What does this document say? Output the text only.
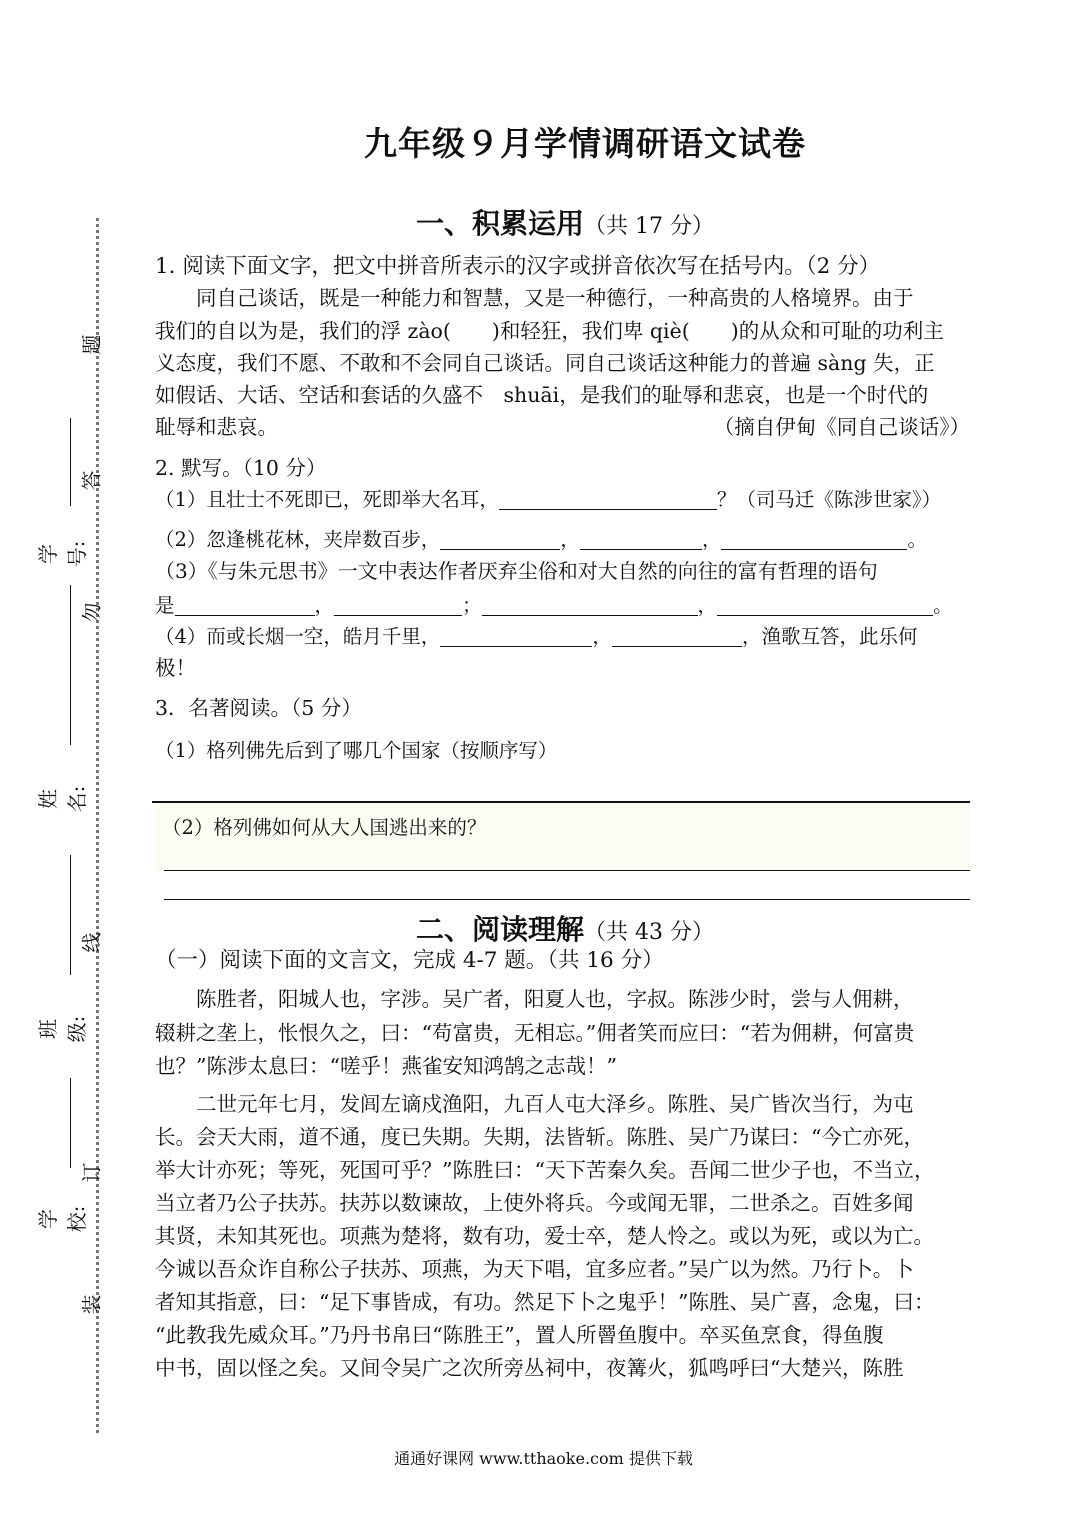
题
答
勿
线
订
装
学号:
姓名:
班级:
学校:
九年级９月学情调研语文试卷
一、积累运用（共 17 分）
1. 阅读下面文字，把文中拼音所表示的汉字或拼音依次写在括号内。（2 分）
　　同自己谈话，既是一种能力和智慧，又是一种德行，一种高贵的人格境界。由于
我们的自以为是，我们的浮 zào(　　)和轻狂，我们卑 qiè(　　)的从众和可耻的功利主
义态度，我们不愿、不敢和不会同自己谈话。同自己谈话这种能力的普遍 sàng 失，正
如假话、大话、空话和套话的久盛不　shuāi，是我们的耻辱和悲哀，也是一个时代的
耻辱和悲哀。	（摘自伊甸《同自己谈话》）
2. 默写。（10 分）
（1）且壮士不死即已，死即举大名耳，	？（司马迁《陈涉世家》）
（2）忽逢桃花林，夹岸数百步，	，	，	。
（3）《与朱元思书》一文中表达作者厌弃尘俗和对大自然的向往的富有哲理的语句
是	，	；	，	。
（4）而或长烟一空，皓月千里，	，	，渔歌互答，此乐何
极！
3．名著阅读。（5 分）
（1）格列佛先后到了哪几个国家（按顺序写）
（2）格列佛如何从大人国逃出来的？
二、阅读理解（共 43 分）
（一）阅读下面的文言文，完成 4-7 题。（共 16 分）
　　陈胜者，阳城人也，字涉。吴广者，阳夏人也，字叔。陈涉少时，尝与人佣耕，
辍耕之垄上，怅恨久之，曰：“苟富贵，无相忘。”佣者笑而应曰：“若为佣耕，何富贵
也？”陈涉太息曰：“嗟乎！燕雀安知鸿鹄之志哉！”
　　二世元年七月，发闾左谪戍渔阳，九百人屯大泽乡。陈胜、吴广皆次当行，为屯
长。会天大雨，道不通，度已失期。失期，法皆斩。陈胜、吴广乃谋曰：“今亡亦死，
举大计亦死；等死，死国可乎？”陈胜曰：“天下苦秦久矣。吾闻二世少子也，不当立，
当立者乃公子扶苏。扶苏以数谏故，上使外将兵。今或闻无罪，二世杀之。百姓多闻
其贤，未知其死也。项燕为楚将，数有功，爱士卒，楚人怜之。或以为死，或以为亡。
今诚以吾众诈自称公子扶苏、项燕，为天下唱，宜多应者。”吴广以为然。乃行卜。卜
者知其指意，曰：“足下事皆成，有功。然足下卜之鬼乎！”陈胜、吴广喜，念鬼，曰：
“此教我先威众耳。”乃丹书帛曰“陈胜王”，置人所罾鱼腹中。卒买鱼烹食，得鱼腹
中书，固以怪之矣。又间令吴广之次所旁丛祠中，夜篝火，狐鸣呼曰“大楚兴，陈胜
通通好课网 www.tthaoke.com 提供下载
